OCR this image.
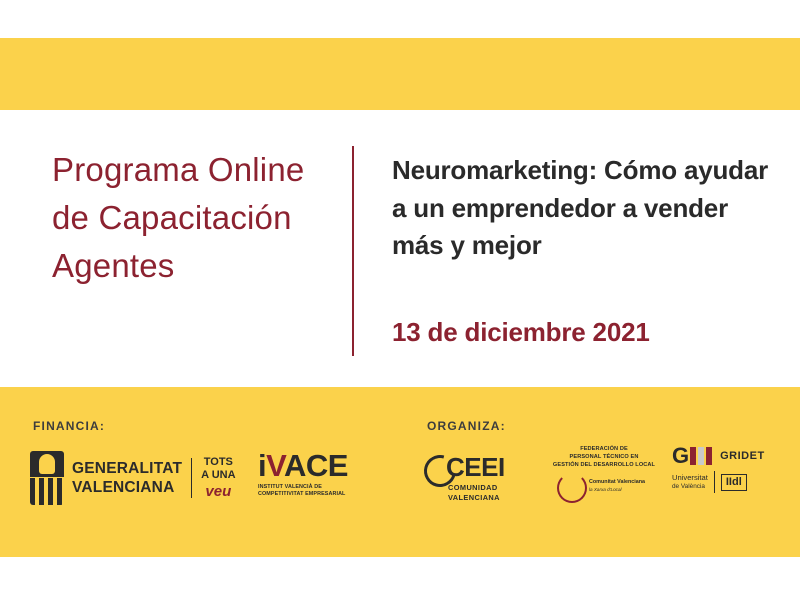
Programa Online de Capacitación Agentes
Neuromarketing: Cómo ayudar a un emprendedor a vender más y mejor
13 de diciembre 2021
FINANCIA:	ORGANIZA:
GENERALITAT
VALENCIANA
TOTS
A UNA
veu
iVACE
INSTITUT VALENCIÀ DE
COMPETITIVITAT EMPRESARIAL
CEEI
COMUNIDAD
VALENCIANA
FEDERACIÓN DE
PERSONAL TÉCNICO EN
GESTIÓN DEL DESARROLLO LOCAL
Comunitat Valenciana
la Xarxa d'Local
G	GRIDET
Universitat
de València	IIdl
